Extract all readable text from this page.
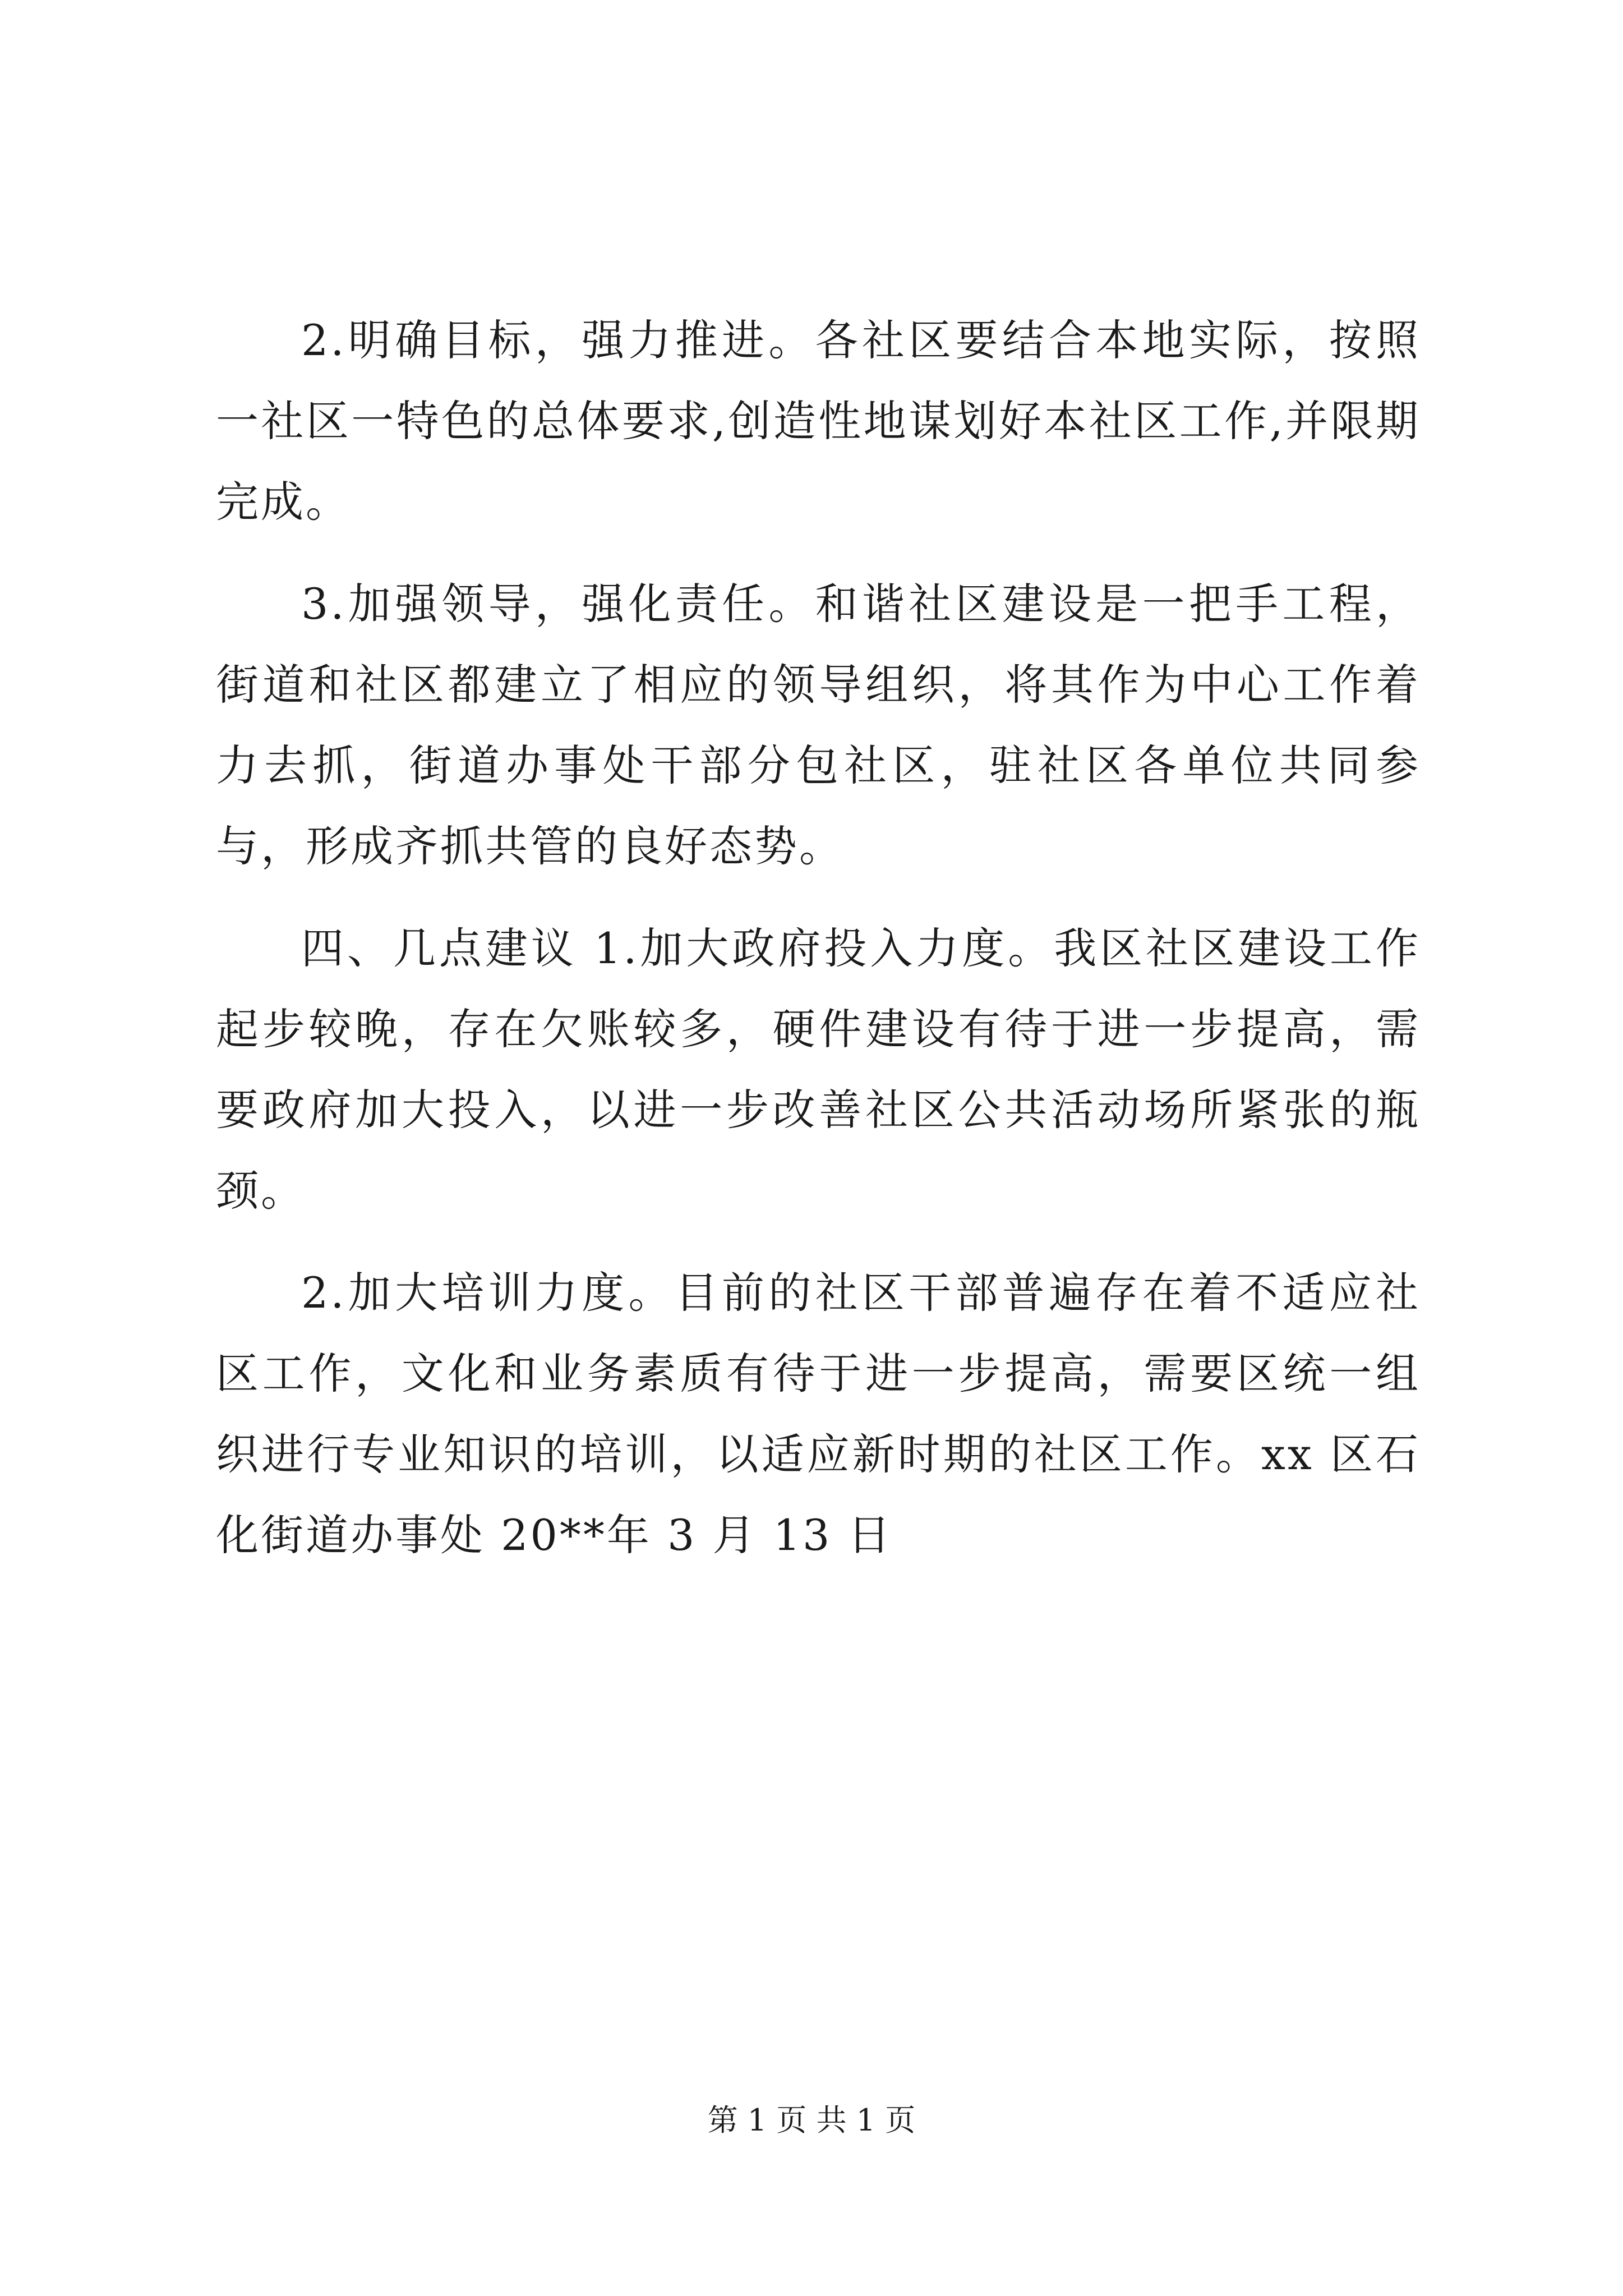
2.明确目标，强力推进。各社区要结合本地实际，按照一社区一特色的总体要求,创造性地谋划好本社区工作,并限期完成。

3.加强领导，强化责任。和谐社区建设是一把手工程，街道和社区都建立了相应的领导组织，将其作为中心工作着力去抓，街道办事处干部分包社区，驻社区各单位共同参与，形成齐抓共管的良好态势。

四、几点建议 1.加大政府投入力度。我区社区建设工作起步较晚，存在欠账较多，硬件建设有待于进一步提高，需要政府加大投入，以进一步改善社区公共活动场所紧张的瓶颈。

2.加大培训力度。目前的社区干部普遍存在着不适应社区工作，文化和业务素质有待于进一步提高，需要区统一组织进行专业知识的培训，以适应新时期的社区工作。xx 区石化街道办事处 20**年 3 月 13 日

第 1 页 共 1 页
